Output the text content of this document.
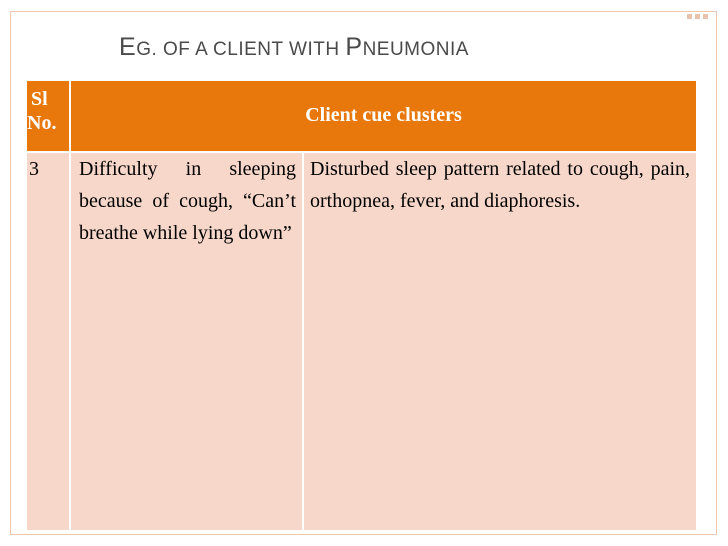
EG. OF A CLIENT WITH PNEUMONIA
Sl
No.	Client cue clusters	
3	Difficulty in sleeping because of cough, “Can’t breathe while lying down”	Disturbed sleep pattern related to cough, pain, orthopnea, fever, and diaphoresis.
